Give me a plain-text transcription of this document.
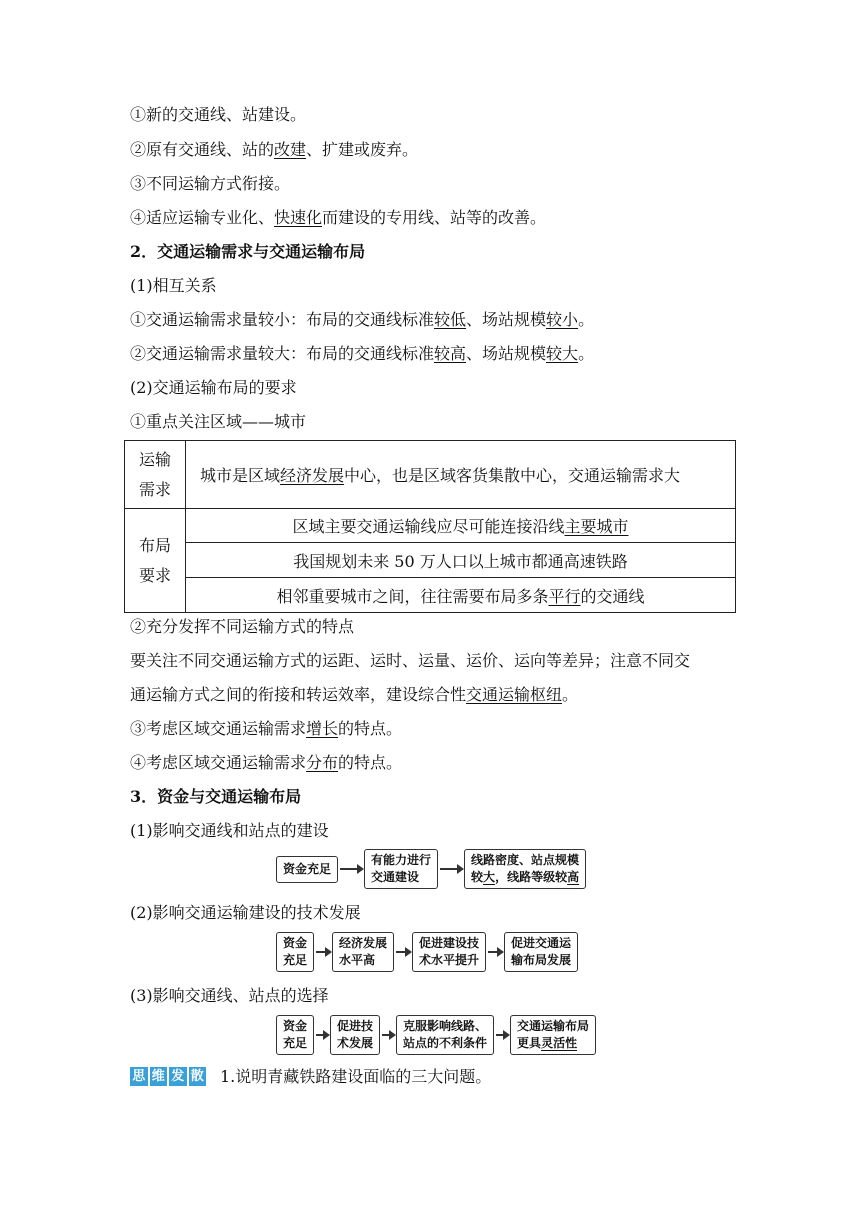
①新的交通线、站建设。
②原有交通线、站的改建、扩建或废弃。
③不同运输方式衔接。
④适应运输专业化、快速化而建设的专用线、站等的改善。
2．交通运输需求与交通运输布局
(1)相互关系
①交通运输需求量较小：布局的交通线标准较低、场站规模较小。
②交通运输需求量较大：布局的交通线标准较高、场站规模较大。
(2)交通运输布局的要求
①重点关注区域——城市
运输
需求	城市是区域经济发展中心，也是区域客货集散中心，交通运输需求大

布局
要求	区域主要交通运输线应尽可能连接沿线主要城市
	我国规划未来 50 万人口以上城市都通高速铁路
	相邻重要城市之间，往往需要布局多条平行的交通线
②充分发挥不同运输方式的特点
要关注不同交通运输方式的运距、运时、运量、运价、运向等差异；注意不同交
通运输方式之间的衔接和转运效率，建设综合性交通运输枢纽。
③考虑区域交通运输需求增长的特点。
④考虑区域交通运输需求分布的特点。
3．资金与交通运输布局
(1)影响交通线和站点的建设
资金充足
有能力进行
交通建设
线路密度、站点规模
较大，线路等级较高
(2)影响交通运输建设的技术发展
资金
充足
经济发展
水平高
促进建设技
术水平提升
促进交通运
输布局发展
(3)影响交通线、站点的选择
资金
充足
促进技
术发展
克服影响线路、
站点的不利条件
交通运输布局
更具灵活性
思 维 发 散 1.说明青藏铁路建设面临的三大问题。
